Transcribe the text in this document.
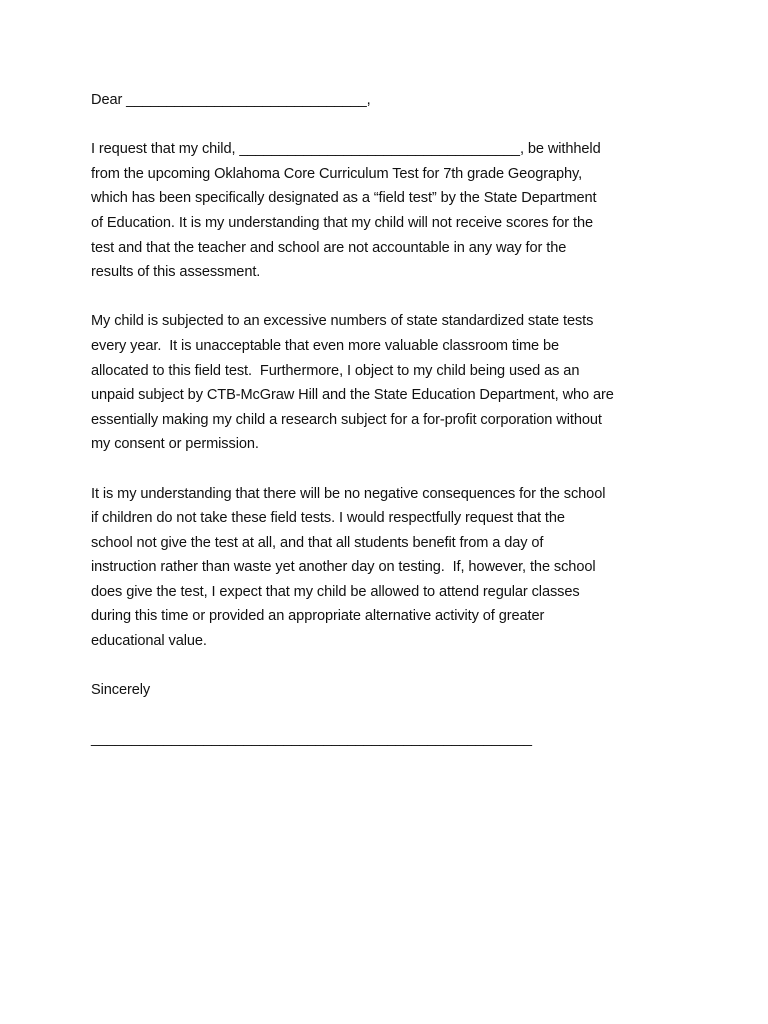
Dear ______________________________,

I request that my child, ___________________________________, be withheld
from the upcoming Oklahoma Core Curriculum Test for 7th grade Geography,
which has been specifically designated as a “field test” by the State Department
of Education. It is my understanding that my child will not receive scores for the
test and that the teacher and school are not accountable in any way for the
results of this assessment.

My child is subjected to an excessive numbers of state standardized state tests
every year.  It is unacceptable that even more valuable classroom time be
allocated to this field test.  Furthermore, I object to my child being used as an
unpaid subject by CTB-McGraw Hill and the State Education Department, who are
essentially making my child a research subject for a for-profit corporation without
my consent or permission.

It is my understanding that there will be no negative consequences for the school
if children do not take these field tests. I would respectfully request that the
school not give the test at all, and that all students benefit from a day of
instruction rather than waste yet another day on testing.  If, however, the school
does give the test, I expect that my child be allowed to attend regular classes
during this time or provided an appropriate alternative activity of greater
educational value.

Sincerely

_______________________________________________________
